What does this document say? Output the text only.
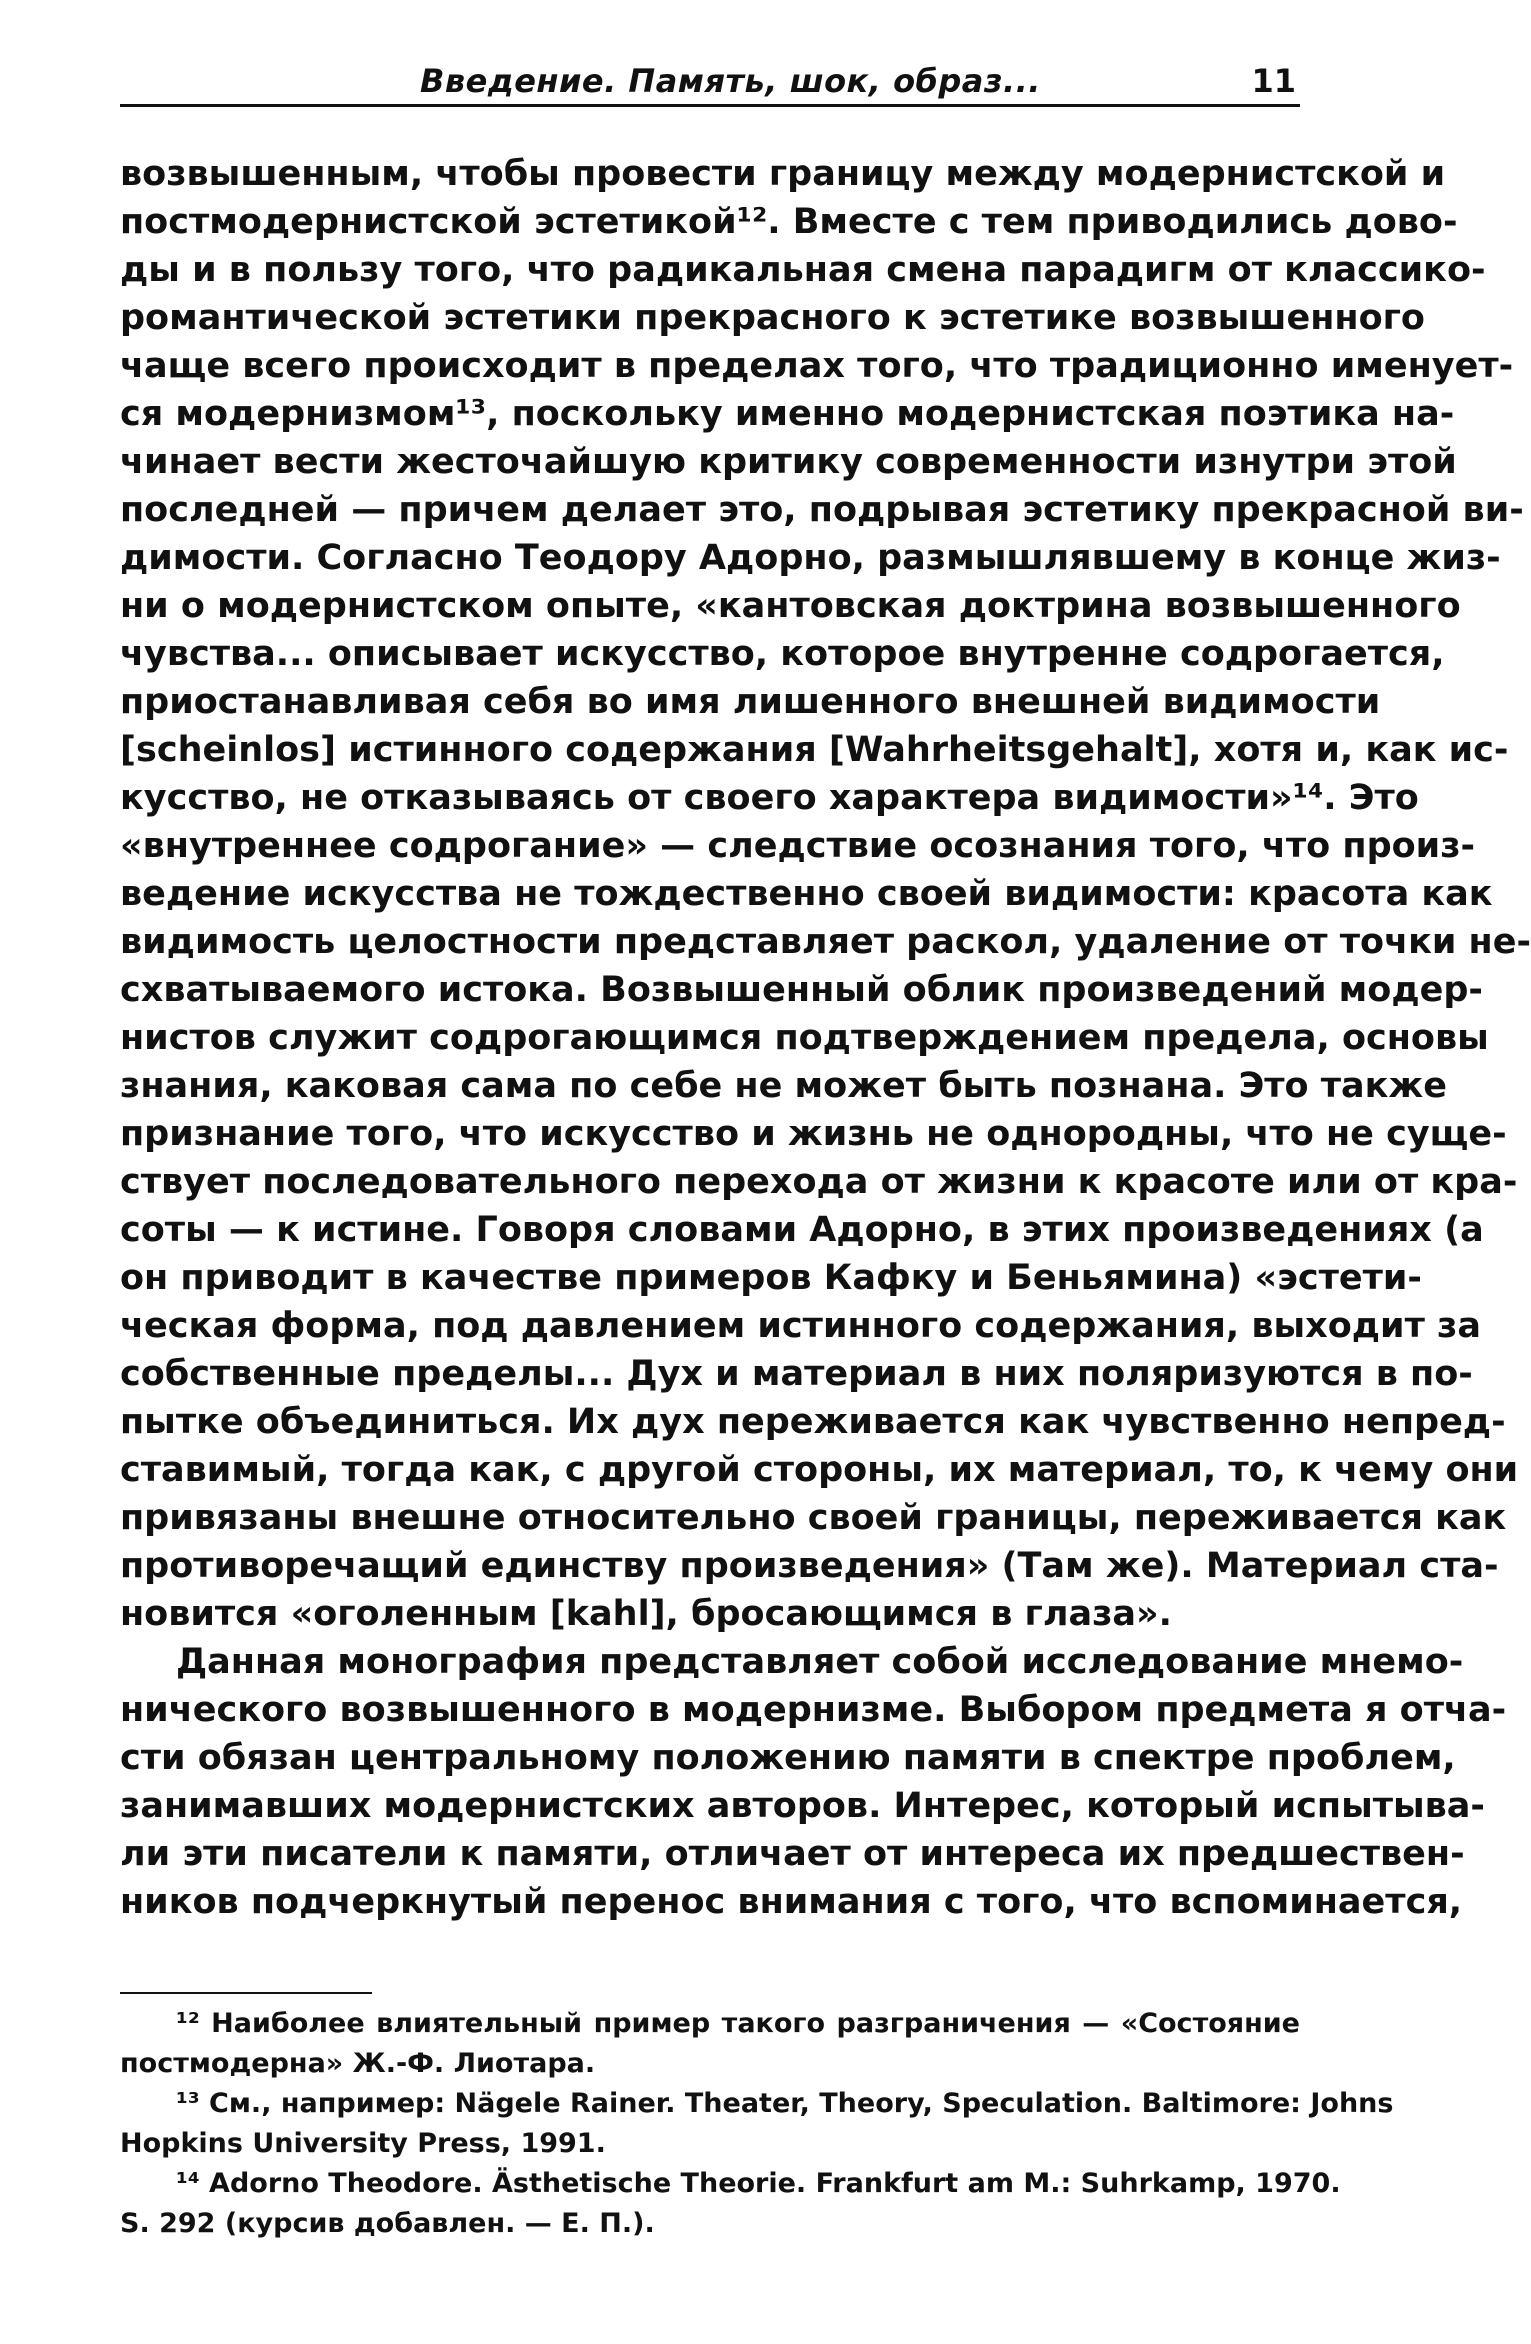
Введение. Память, шок, образ...	11
возвышенным, чтобы провести границу между модернистской и
постмодернистской эстетикой¹². Вместе с тем приводились дово-
ды и в пользу того, что радикальная смена парадигм от классико-
романтической эстетики прекрасного к эстетике возвышенного
чаще всего происходит в пределах того, что традиционно именует-
ся модернизмом¹³, поскольку именно модернистская поэтика на-
чинает вести жесточайшую критику современности изнутри этой
последней — причем делает это, подрывая эстетику прекрасной ви-
димости. Согласно Теодору Адорно, размышлявшему в конце жиз-
ни о модернистском опыте, «кантовская доктрина возвышенного
чувства... описывает искусство, которое внутренне содрогается,
приостанавливая себя во имя лишенного внешней видимости
[scheinlos] истинного содержания [Wahrheitsgehalt], хотя и, как ис-
кусство, не отказываясь от своего характера видимости»¹⁴. Это
«внутреннее содрогание» — следствие осознания того, что произ-
ведение искусства не тождественно своей видимости: красота как
видимость целостности представляет раскол, удаление от точки не-
схватываемого истока. Возвышенный облик произведений модер-
нистов служит содрогающимся подтверждением предела, основы
знания, каковая сама по себе не может быть познана. Это также
признание того, что искусство и жизнь не однородны, что не суще-
ствует последовательного перехода от жизни к красоте или от кра-
соты — к истине. Говоря словами Адорно, в этих произведениях (а
он приводит в качестве примеров Кафку и Беньямина) «эстети-
ческая форма, под давлением истинного содержания, выходит за
собственные пределы... Дух и материал в них поляризуются в по-
пытке объединиться. Их дух переживается как чувственно непред-
ставимый, тогда как, с другой стороны, их материал, то, к чему они
привязаны внешне относительно своей границы, переживается как
противоречащий единству произведения» (Там же). Материал ста-
новится «оголенным [kahl], бросающимся в глаза».
Данная монография представляет собой исследование мнемо-
нического возвышенного в модернизме. Выбором предмета я отча-
сти обязан центральному положению памяти в спектре проблем,
занимавших модернистских авторов. Интерес, который испытыва-
ли эти писатели к памяти, отличает от интереса их предшествен-
ников подчеркнутый перенос внимания с того, что вспоминается,
¹² Наиболее влиятельный пример такого разграничения — «Состояние
постмодерна» Ж.-Ф. Лиотара.
¹³ См., например: Nägele Rainer. Theater, Theory, Speculation. Baltimore: Johns
Hopkins University Press, 1991.
¹⁴ Adorno Theodore. Ästhetische Theorie. Frankfurt am M.: Suhrkamp, 1970.
S. 292 (курсив добавлен. — Е. П.).
